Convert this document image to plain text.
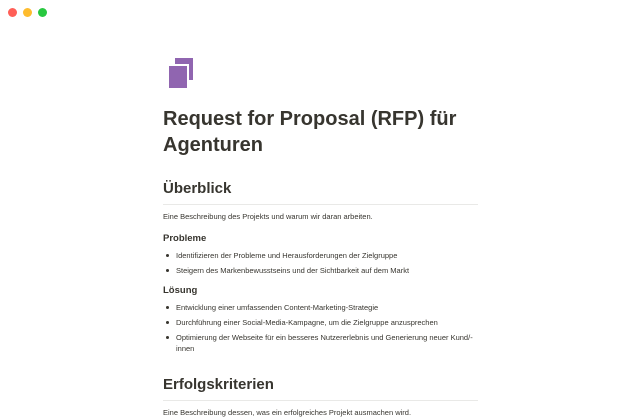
Request for Proposal (RFP) für Agenturen
Überblick

Eine Beschreibung des Projekts und warum wir daran arbeiten.

Probleme
Identifizieren der Probleme und Herausforderungen der Zielgruppe
Steigern des Markenbewusstseins und der Sichtbarkeit auf dem Markt
Lösung
Entwicklung einer umfassenden Content-Marketing-Strategie
Durchführung einer Social-Media-Kampagne, um die Zielgruppe anzusprechen
Optimierung der Webseite für ein besseres Nutzererlebnis und Generierung neuer Kund/-innen
Erfolgskriterien

Eine Beschreibung dessen, was ein erfolgreiches Projekt ausmachen wird.
